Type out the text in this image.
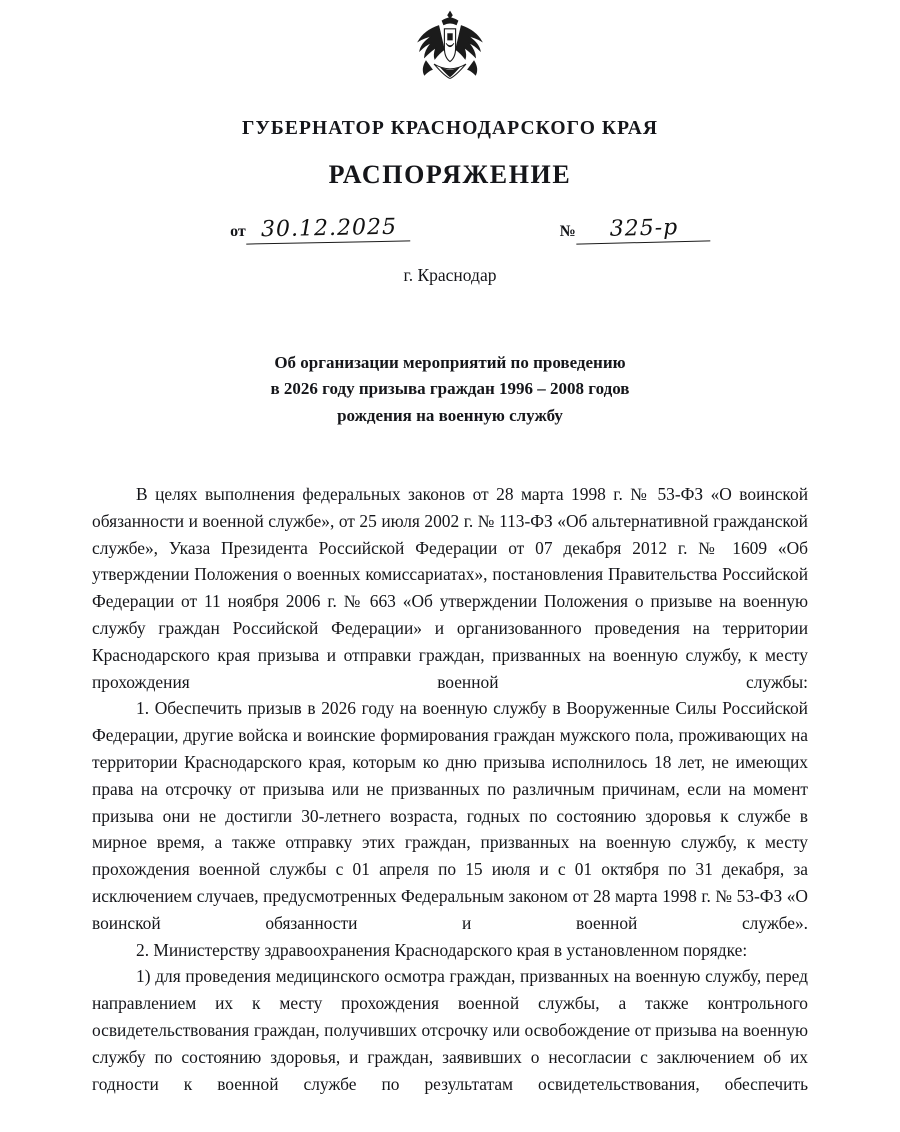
ГУБЕРНАТОР КРАСНОДАРСКОГО КРАЯ
РАСПОРЯЖЕНИЕ
от 30.12.2025	№	325-р
г. Краснодар
Об организации мероприятий по проведению
в 2026 году призыва граждан 1996 – 2008 годов
рождения на военную службу

В целях выполнения федеральных законов от 28 марта 1998 г. № 53-ФЗ «О воинской обязанности и военной службе», от 25 июля 2002 г. № 113-ФЗ «Об альтернативной гражданской службе», Указа Президента Российской Федерации от 07 декабря 2012 г. № 1609 «Об утверждении Положения о военных комиссариатах», постановления Правительства Российской Федерации от 11 ноября 2006 г. № 663 «Об утверждении Положения о призыве на военную службу граждан Российской Федерации» и организованного проведения на территории Краснодарского края призыва и отправки граждан, призванных на военную службу, к месту прохождения военной службы:

1. Обеспечить призыв в 2026 году на военную службу в Вооруженные Силы Российской Федерации, другие войска и воинские формирования граждан мужского пола, проживающих на территории Краснодарского края, которым ко дню призыва исполнилось 18 лет, не имеющих права на отсрочку от призыва или не призванных по различным причинам, если на момент призыва они не достигли 30-летнего возраста, годных по состоянию здоровья к службе в мирное время, а также отправку этих граждан, призванных на военную службу, к месту прохождения военной службы с 01 апреля по 15 июля и с 01 октября по 31 декабря, за исключением случаев, предусмотренных Федеральным законом от 28 марта 1998 г. № 53-ФЗ «О воинской обязанности и военной службе».

2. Министерству здравоохранения Краснодарского края в установленном порядке:

1) для проведения медицинского осмотра граждан, призванных на военную службу, перед направлением их к месту прохождения военной службы, а также контрольного освидетельствования граждан, получивших отсрочку или освобождение от призыва на военную службу по состоянию здоровья, и граждан, заявивших о несогласии с заключением об их годности к военной службе по результатам освидетельствования, обеспечить
